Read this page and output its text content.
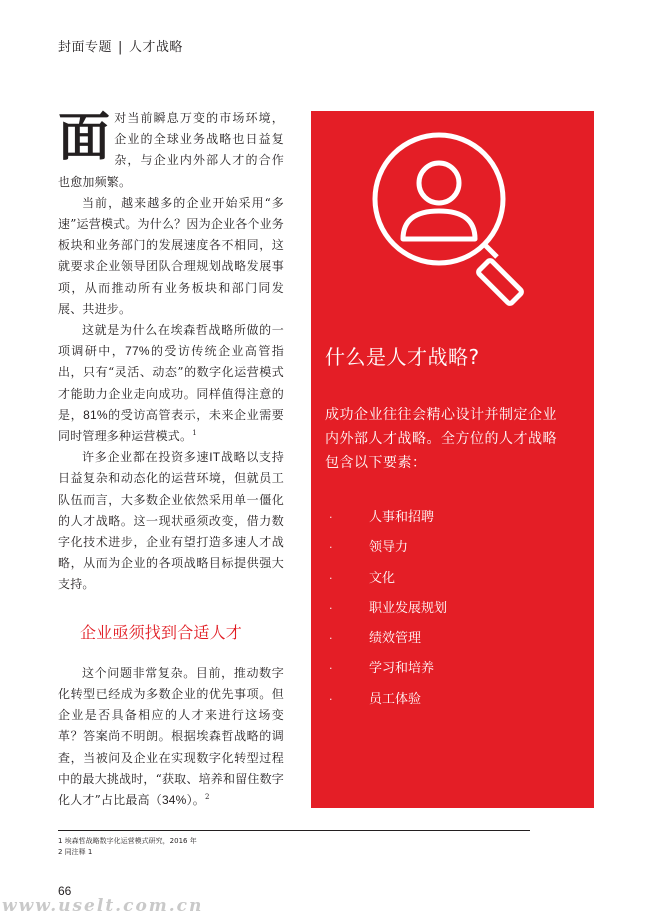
封面专题 | 人才战略

面对当前瞬息万变的市场环境，企业的全球业务战略也日益复杂，与企业内外部人才的合作也愈加频繁。

当前，越来越多的企业开始采用“多速”运营模式。为什么？因为企业各个业务板块和业务部门的发展速度各不相同，这就要求企业领导团队合理规划战略发展事项，从而推动所有业务板块和部门同发展、共进步。

这就是为什么在埃森哲战略所做的一项调研中，77%的受访传统企业高管指出，只有“灵活、动态”的数字化运营模式才能助力企业走向成功。同样值得注意的是，81%的受访高管表示，未来企业需要同时管理多种运营模式。$^1$

许多企业都在投资多速IT战略以支持日益复杂和动态化的运营环境，但就员工队伍而言，大多数企业依然采用单一僵化的人才战略。这一现状亟须改变，借力数字化技术进步，企业有望打造多速人才战略，从而为企业的各项战略目标提供强大支持。

企业亟须找到合适人才

这个问题非常复杂。目前，推动数字化转型已经成为多数企业的优先事项。但企业是否具备相应的人才来进行这场变革？答案尚不明朗。根据埃森哲战略的调查，当被问及企业在实现数字化转型过程中的最大挑战时，“获取、培养和留住数字化人才”占比最高（34%）。$^2$

什么是人才战略?
成功企业往往会精心设计并制定企业内外部人才战略。全方位的人才战略包含以下要素：
·	人事和招聘
·	领导力
·	文化
·	职业发展规划
·	绩效管理
·	学习和培养
·	员工体验
1 埃森哲战略数字化运营模式研究，2016 年
2 同注释 1
66
www.uselt.com.cn
